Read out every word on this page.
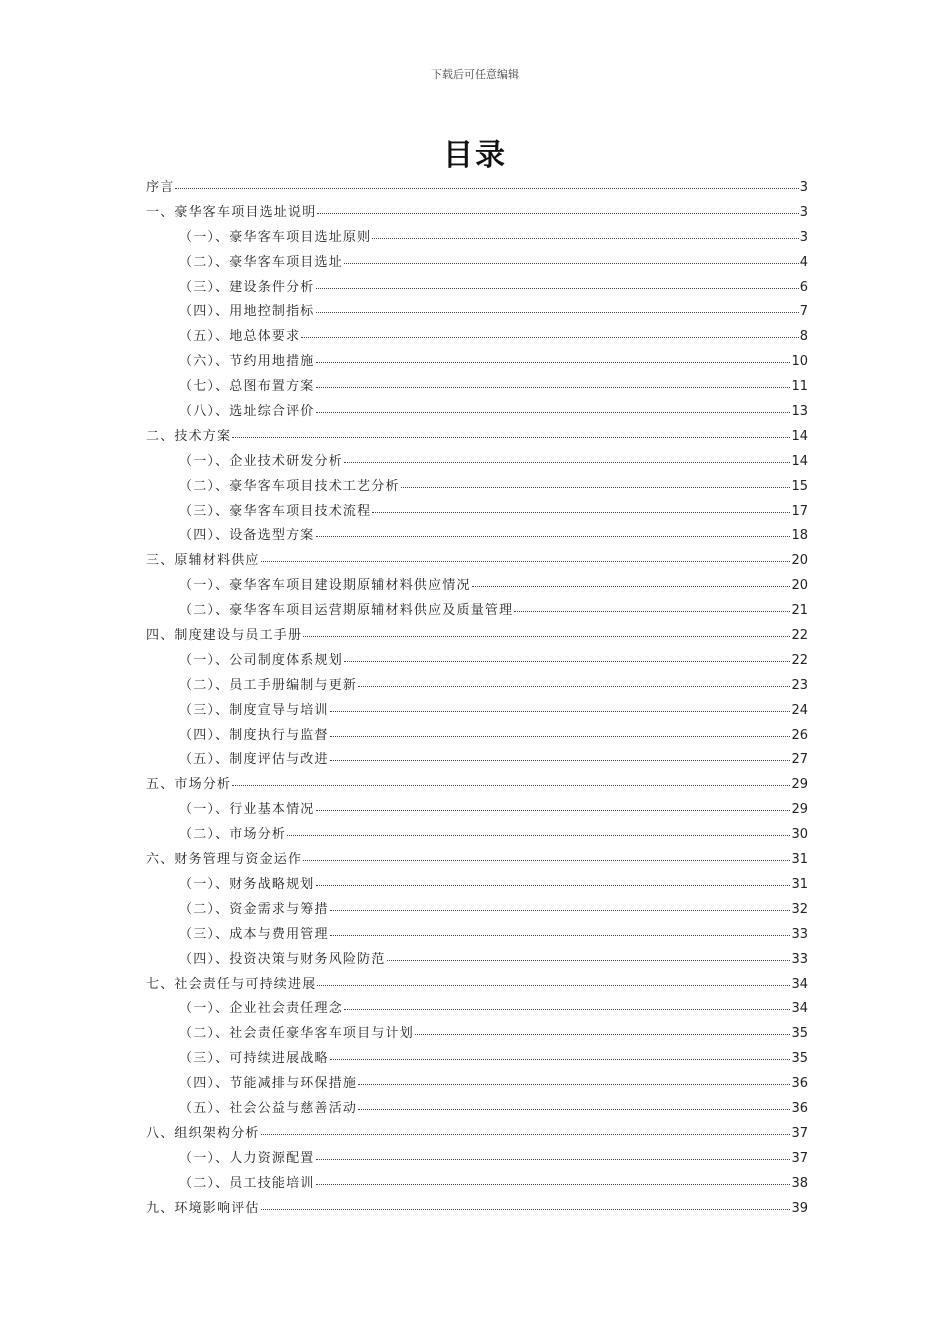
下载后可任意编辑
目录
序言	3
一、豪华客车项目选址说明	3
（一）、豪华客车项目选址原则	3
（二）、豪华客车项目选址	4
（三）、建设条件分析	6
（四）、用地控制指标	7
（五）、地总体要求	8
（六）、节约用地措施	10
（七）、总图布置方案	11
（八）、选址综合评价	13
二、技术方案	14
（一）、企业技术研发分析	14
（二）、豪华客车项目技术工艺分析	15
（三）、豪华客车项目技术流程	17
（四）、设备选型方案	18
三、原辅材料供应	20
（一）、豪华客车项目建设期原辅材料供应情况	20
（二）、豪华客车项目运营期原辅材料供应及质量管理	21
四、制度建设与员工手册	22
（一）、公司制度体系规划	22
（二）、员工手册编制与更新	23
（三）、制度宣导与培训	24
（四）、制度执行与监督	26
（五）、制度评估与改进	27
五、市场分析	29
（一）、行业基本情况	29
（二）、市场分析	30
六、财务管理与资金运作	31
（一）、财务战略规划	31
（二）、资金需求与筹措	32
（三）、成本与费用管理	33
（四）、投资决策与财务风险防范	33
七、社会责任与可持续进展	34
（一）、企业社会责任理念	34
（二）、社会责任豪华客车项目与计划	35
（三）、可持续进展战略	35
（四）、节能减排与环保措施	36
（五）、社会公益与慈善活动	36
八、组织架构分析	37
（一）、人力资源配置	37
（二）、员工技能培训	38
九、环境影响评估	39
